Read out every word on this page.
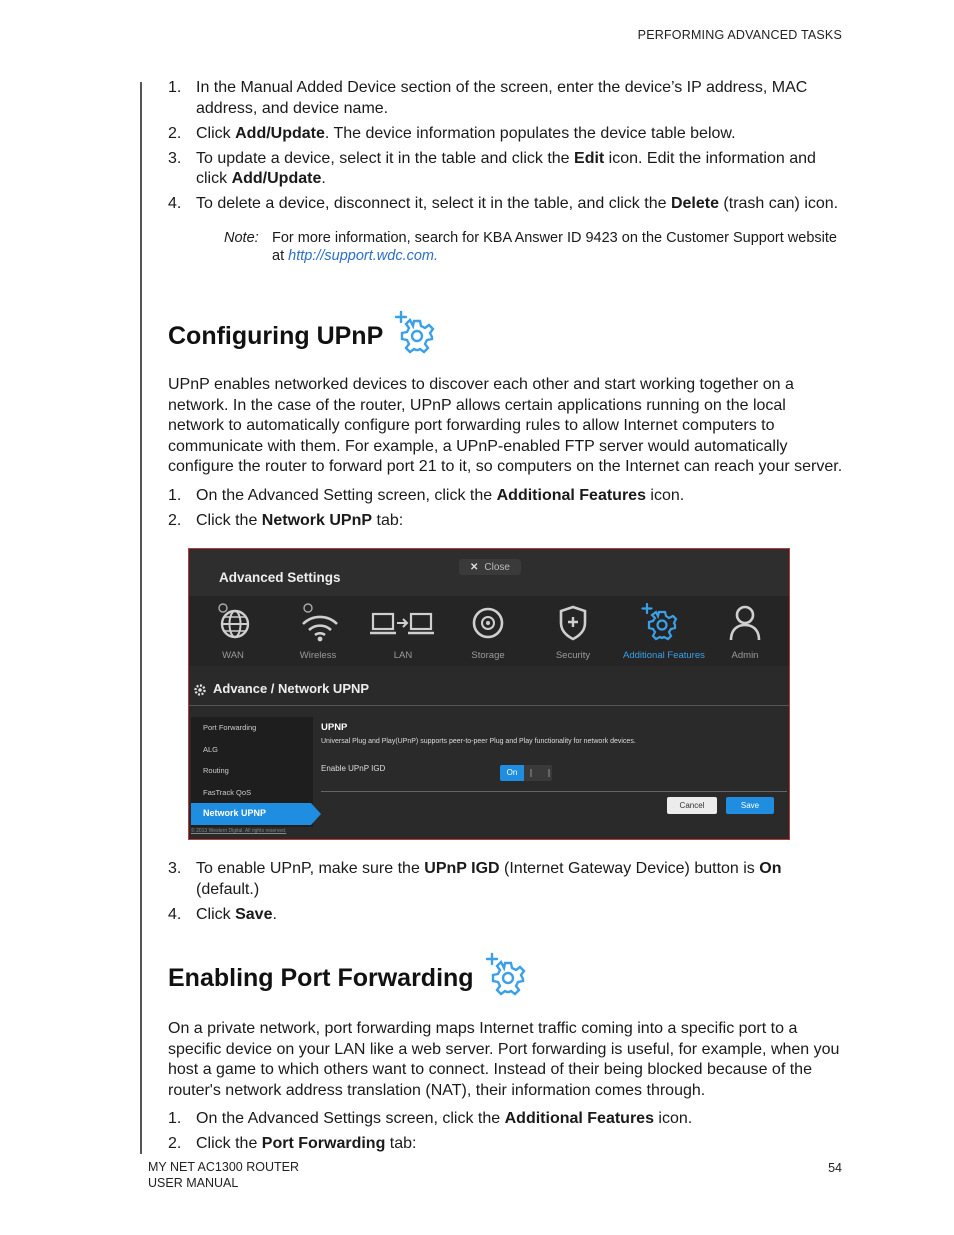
PERFORMING ADVANCED TASKS
1. In the Manual Added Device section of the screen, enter the device’s IP address, MAC address, and device name.
2. Click Add/Update. The device information populates the device table below.
3. To update a device, select it in the table and click the Edit icon. Edit the information and click Add/Update.
4. To delete a device, disconnect it, select it in the table, and click the Delete (trash can) icon.
Note: For more information, search for KBA Answer ID 9423 on the Customer Support website at http://support.wdc.com.
Configuring UPnP

UPnP enables networked devices to discover each other and start working together on a network. In the case of the router, UPnP allows certain applications running on the local network to automatically configure port forwarding rules to allow Internet computers to communicate with them. For example, a UPnP-enabled FTP server would automatically configure the router to forward port 21 to it, so computers on the Internet can reach your server.

1. On the Advanced Setting screen, click the Additional Features icon.
2. Click the Network UPnP tab:
Advanced Settings
✕ Close
WAN	Wireless	LAN	Storage	Security	Additional Features	Admin
Advance / Network UPNP
Port Forwarding
ALG
Routing
FasTrack QoS
Network UPNP
UPNP
Universal Plug and Play(UPnP) supports peer-to-peer Plug and Play functionality for network devices.
Enable UPnP IGD	On
Cancel	Save
© 2013 Western Digital. All rights reserved.
3. To enable UPnP, make sure the UPnP IGD (Internet Gateway Device) button is On (default.)
4. Click Save.
Enabling Port Forwarding

On a private network, port forwarding maps Internet traffic coming into a specific port to a specific device on your LAN like a web server. Port forwarding is useful, for example, when you host a game to which others want to connect. Instead of their being blocked because of the router's network address translation (NAT), their information comes through.

1. On the Advanced Settings screen, click the Additional Features icon.
2. Click the Port Forwarding tab:
MY NET AC1300 ROUTER
USER MANUAL
54
